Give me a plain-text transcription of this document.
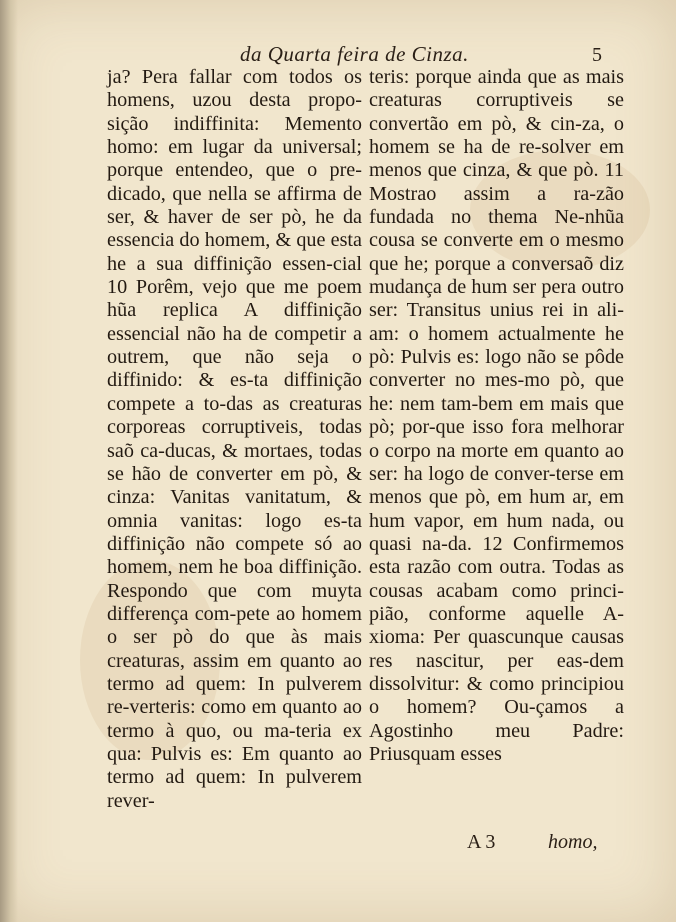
da Quarta feira de Cinza.	5

ja? Pera fallar com todos os homens, uzou desta propo-sição indiffinita: Memento homo: em lugar da universal; porque entendeo, que o pre-dicado, que nella se affirma de ser, & haver de ser pò, he da essencia do homem, & que esta he a sua diffinição essen-cial 10 Porêm, vejo que me poem hũa replica A diffinição essencial não ha de competir a outrem, que não seja o diffinido: & es-ta diffinição compete a to-das as creaturas corporeas corruptiveis, todas saõ ca-ducas, & mortaes, todas se hão de converter em pò, & cinza: Vanitas vanitatum, & omnia vanitas: logo es-ta diffinição não compete só ao homem, nem he boa diffinição. Respondo que com muyta differença com-pete ao homem o ser pò do que às mais creaturas, assim em quanto ao termo ad quem: In pulverem re-verteris: como em quanto ao termo à quo, ou ma-teria ex qua: Pulvis es: Em quanto ao termo ad quem: In pulverem rever-

teris: porque ainda que as mais creaturas corruptiveis se convertão em pò, & cin-za, o homem se ha de re-solver em menos que cinza, & que pò. 11 Mostrao assim a ra-zão fundada no thema Ne-nhũa cousa se converte em o mesmo que he; porque a conversaõ diz mudança de hum ser pera outro ser: Transitus unius rei in ali-am: o homem actualmente he pò: Pulvis es: logo não se pôde converter no mes-mo pò, que he: nem tam-bem em mais que pò; por-que isso fora melhorar o corpo na morte em quanto ao ser: ha logo de conver-terse em menos que pò, em hum ar, em hum vapor, em hum nada, ou quasi na-da. 12 Confirmemos esta razão com outra. Todas as cousas acabam como princi-pião, conforme aquelle A-xioma: Per quascunque causas res nascitur, per eas-dem dissolvitur: & como principiou o homem? Ou-çamos a Agostinho meu Padre: Priusquam esses

A 3	homo,
